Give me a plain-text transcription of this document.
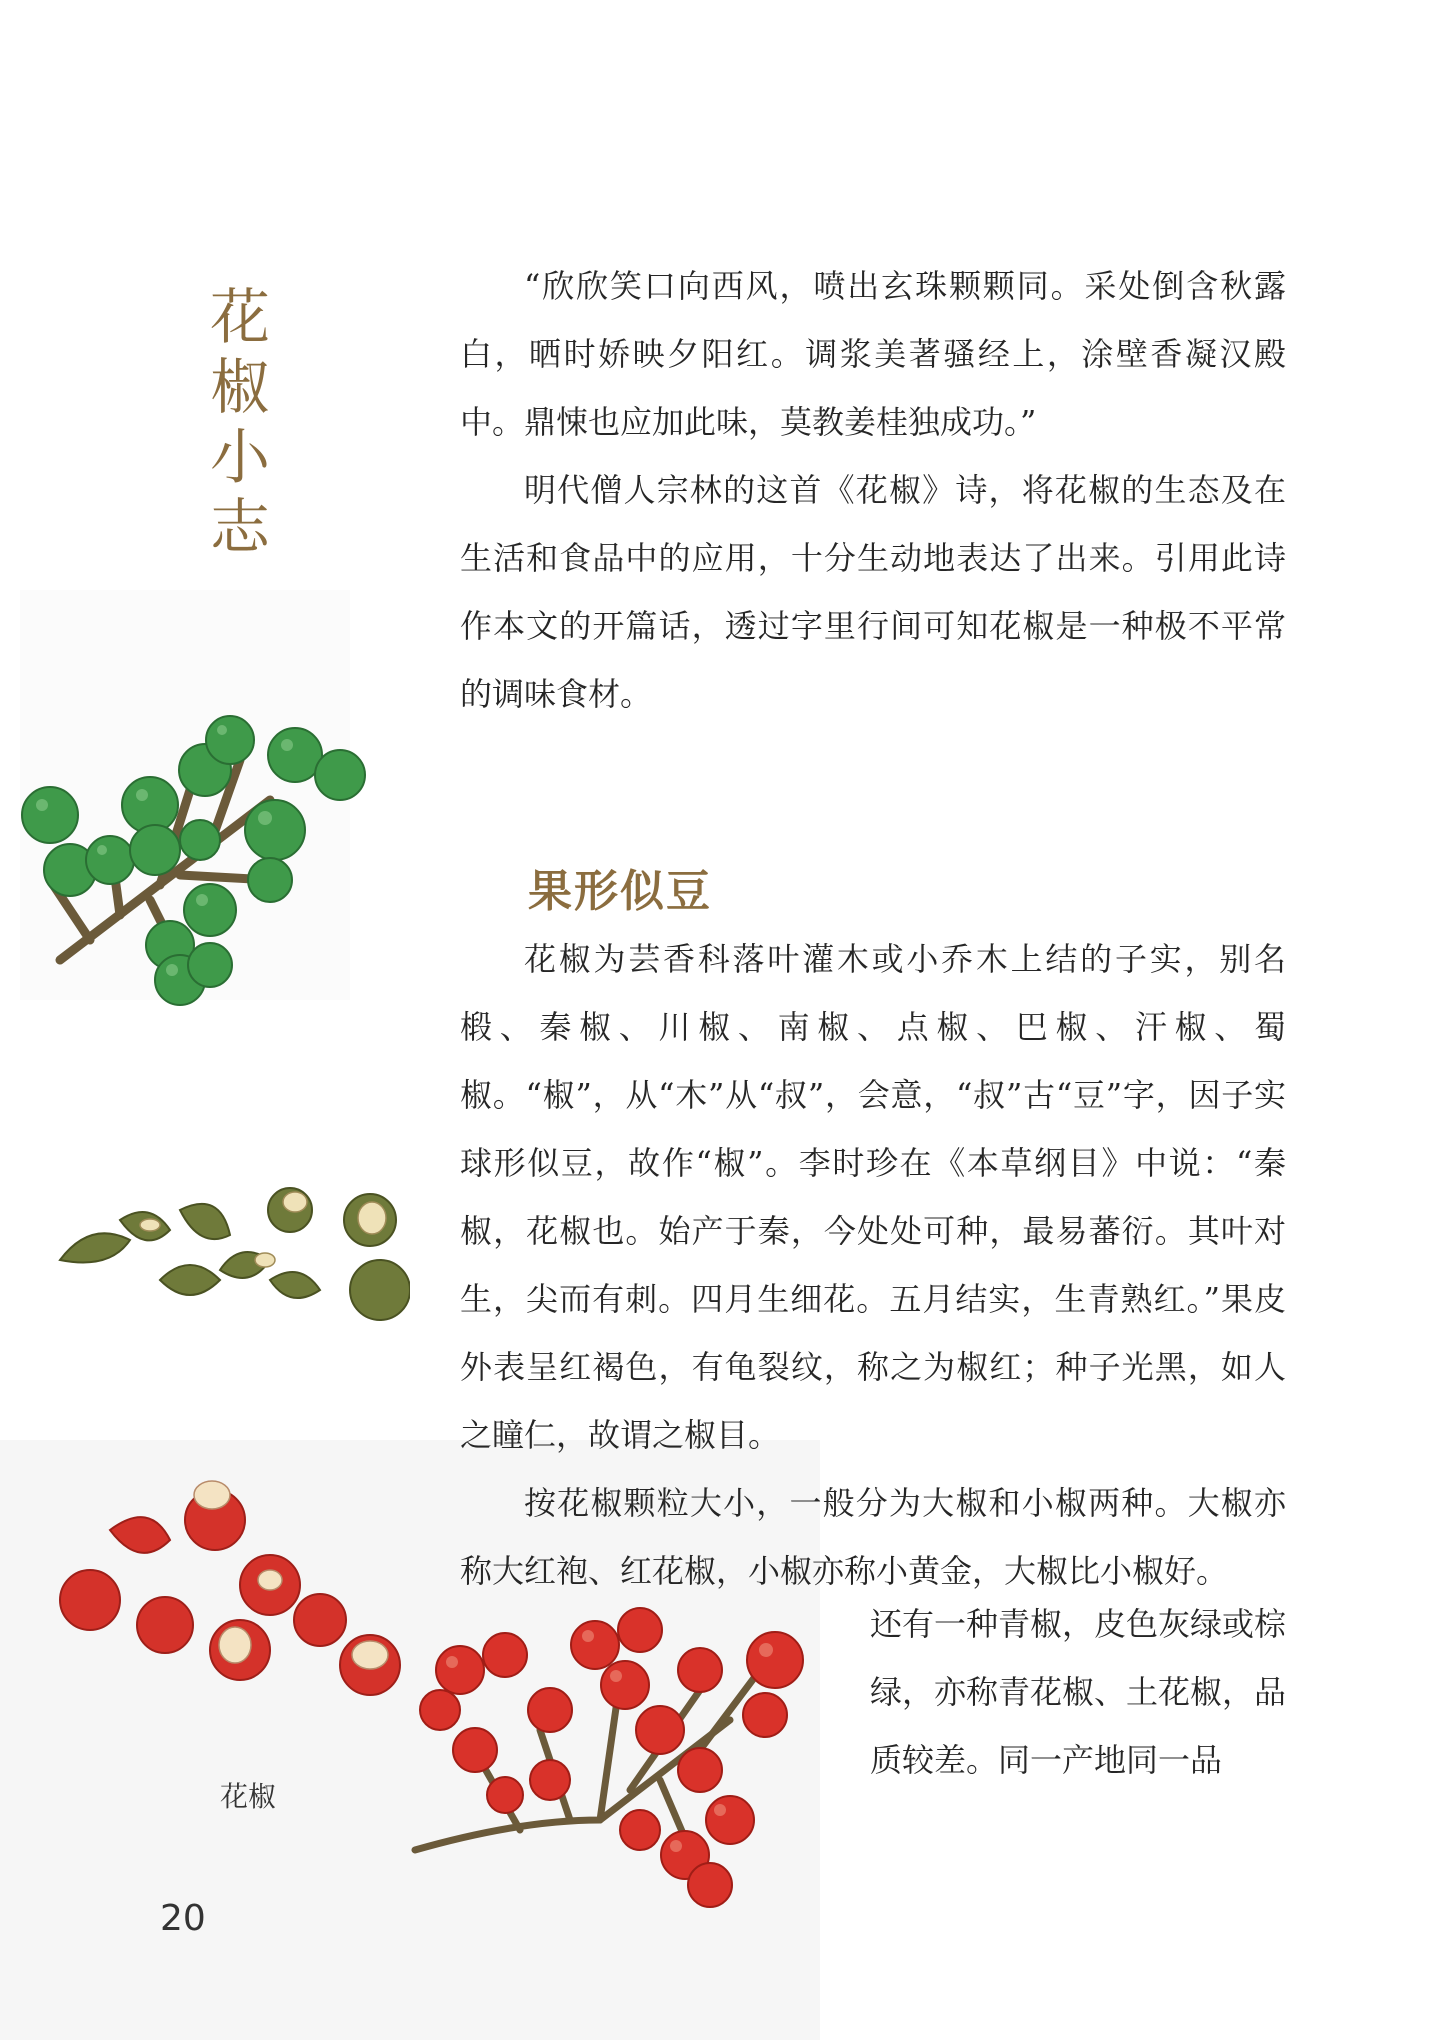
花
椒
小
志

“欣欣笑口向西风，喷出玄珠颗颗同。采处倒含秋露白，晒时娇映夕阳红。调浆美著骚经上，涂壁香凝汉殿中。鼎悚也应加此味，莫教姜桂独成功。”

明代僧人宗林的这首《花椒》诗，将花椒的生态及在生活和食品中的应用，十分生动地表达了出来。引用此诗作本文的开篇话，透过字里行间可知花椒是一种极不平常的调味食材。

果形似豆

花椒为芸香科落叶灌木或小乔木上结的子实，别名椴、秦椒、川椒、南椒、点椒、巴椒、汗椒、蜀椒。“椒”，从“木”从“叔”，会意，“叔”古“豆”字，因子实球形似豆，故作“椒”。李时珍在《本草纲目》中说：“秦椒，花椒也。始产于秦，今处处可种，最易蕃衍。其叶对生，尖而有刺。四月生细花。五月结实，生青熟红。”果皮外表呈红褐色，有龟裂纹，称之为椒红；种子光黑，如人之瞳仁，故谓之椒目。

按花椒颗粒大小，一般分为大椒和小椒两种。大椒亦称大红袍、红花椒，小椒亦称小黄金，大椒比小椒好。

还有一种青椒，皮色灰绿或棕绿，亦称青花椒、土花椒，品质较差。同一产地同一品
花椒
20
